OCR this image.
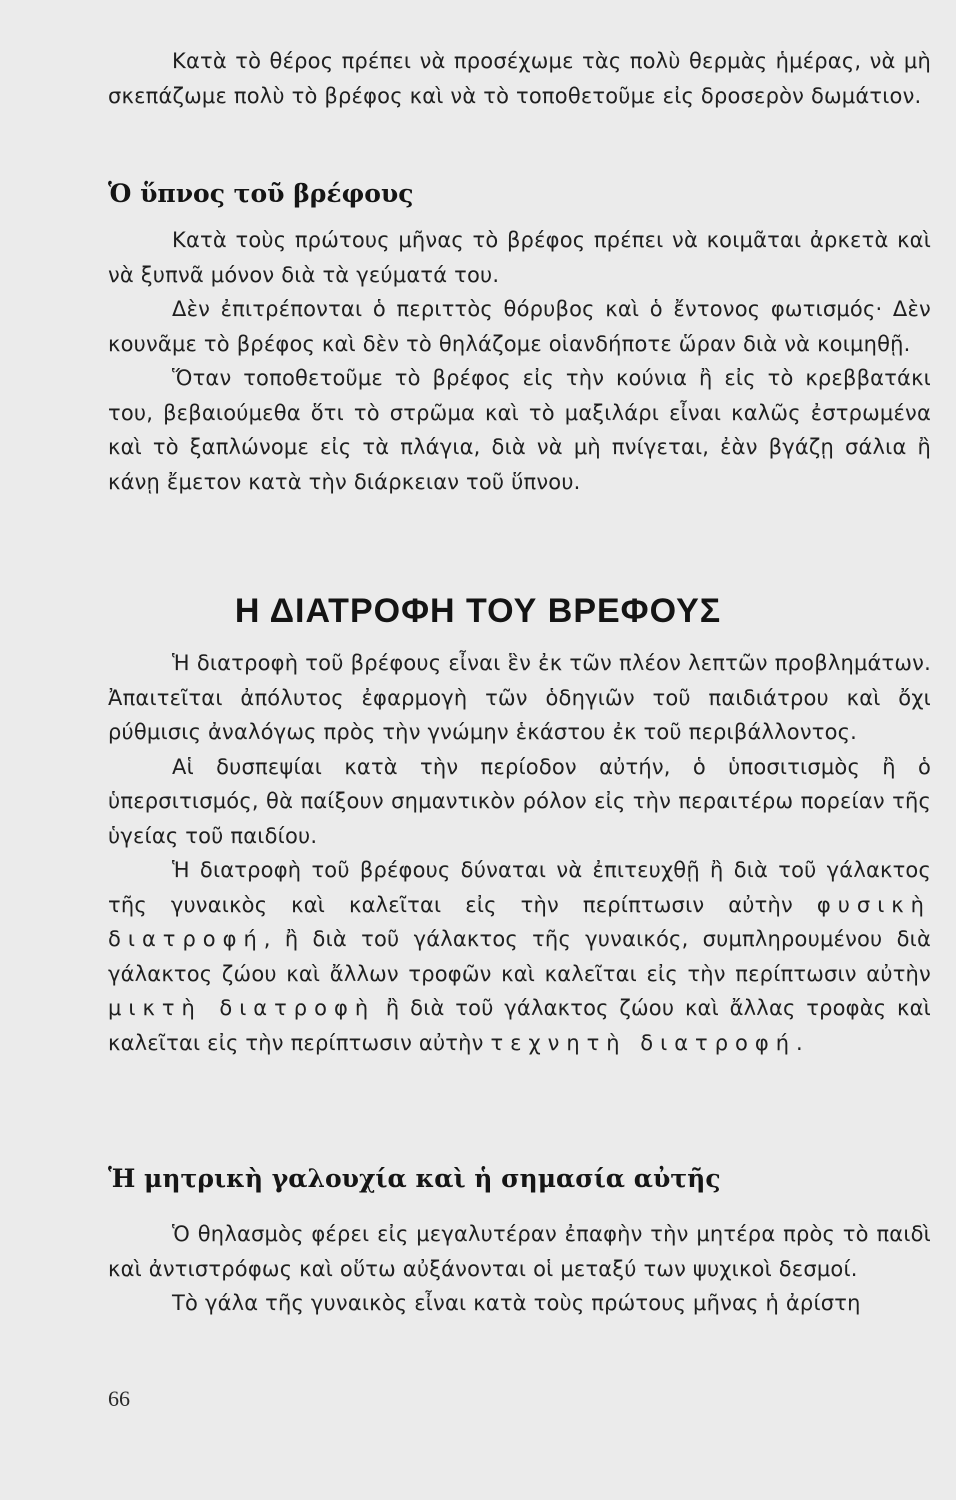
Κατὰ τὸ θέρος πρέπει νὰ προσέχωμε τὰς πολὺ θερμὰς ἡμέρας, νὰ μὴ σκεπάζωμε πολὺ τὸ βρέφος καὶ νὰ τὸ τοποθετοῦμε εἰς δροσερὸν δωμάτιον.

Ὁ ὕπνος τοῦ βρέφους

Κατὰ τοὺς πρώτους μῆνας τὸ βρέφος πρέπει νὰ κοιμᾶται ἀρκετὰ καὶ νὰ ξυπνᾶ μόνον διὰ τὰ γεύματά του.

Δὲν ἐπιτρέπονται ὁ περιττὸς θόρυβος καὶ ὁ ἔντονος φωτισμός· Δὲν κουνᾶμε τὸ βρέφος καὶ δὲν τὸ θηλάζομε οἱανδήποτε ὥραν διὰ νὰ κοιμηθῇ.

Ὅταν τοποθετοῦμε τὸ βρέφος εἰς τὴν κούνια ἢ εἰς τὸ κρεββατάκι του, βεβαιούμεθα ὅτι τὸ στρῶμα καὶ τὸ μαξιλάρι εἶναι καλῶς ἐστρωμένα καὶ τὸ ξαπλώνομε εἰς τὰ πλάγια, διὰ νὰ μὴ πνίγεται, ἐὰν βγάζῃ σάλια ἢ κάνῃ ἔμετον κατὰ τὴν διάρκειαν τοῦ ὕπνου.

Η ΔΙΑΤΡΟΦΗ ΤΟΥ ΒΡΕΦΟΥΣ

Ἡ διατροφὴ τοῦ βρέφους εἶναι ἓν ἐκ τῶν πλέον λεπτῶν προβλημάτων. Ἀπαιτεῖται ἀπόλυτος ἐφαρμογὴ τῶν ὁδηγιῶν τοῦ παιδιάτρου καὶ ὄχι ρύθμισις ἀναλόγως πρὸς τὴν γνώμην ἑκάστου ἐκ τοῦ περιβάλλοντος.

Αἱ δυσπεψίαι κατὰ τὴν περίοδον αὐτήν, ὁ ὑποσιτισμὸς ἢ ὁ ὑπερσιτισμός, θὰ παίξουν σημαντικὸν ρόλον εἰς τὴν περαιτέρω πορείαν τῆς ὑγείας τοῦ παιδίου.

Ἡ διατροφὴ τοῦ βρέφους δύναται νὰ ἐπιτευχθῇ ἢ διὰ τοῦ γάλακτος τῆς γυναικὸς καὶ καλεῖται εἰς τὴν περίπτωσιν αὐτὴν φυσικὴ διατροφή, ἢ διὰ τοῦ γάλακτος τῆς γυναικός, συμπληρουμένου διὰ γάλακτος ζώου καὶ ἄλλων τροφῶν καὶ καλεῖται εἰς τὴν περίπτωσιν αὐτὴν μικτὴ διατροφὴ ἢ διὰ τοῦ γάλακτος ζώου καὶ ἄλλας τροφὰς καὶ καλεῖται εἰς τὴν περίπτωσιν αὐτὴν τεχνητὴ διατροφή.

Ἡ μητρικὴ γαλουχία καὶ ἡ σημασία αὐτῆς

Ὁ θηλασμὸς φέρει εἰς μεγαλυτέραν ἐπαφὴν τὴν μητέρα πρὸς τὸ παιδὶ καὶ ἀντιστρόφως καὶ οὕτω αὐξάνονται οἱ μεταξύ των ψυχικοὶ δεσμοί.

Τὸ γάλα τῆς γυναικὸς εἶναι κατὰ τοὺς πρώτους μῆνας ἡ ἀρίστη

66
